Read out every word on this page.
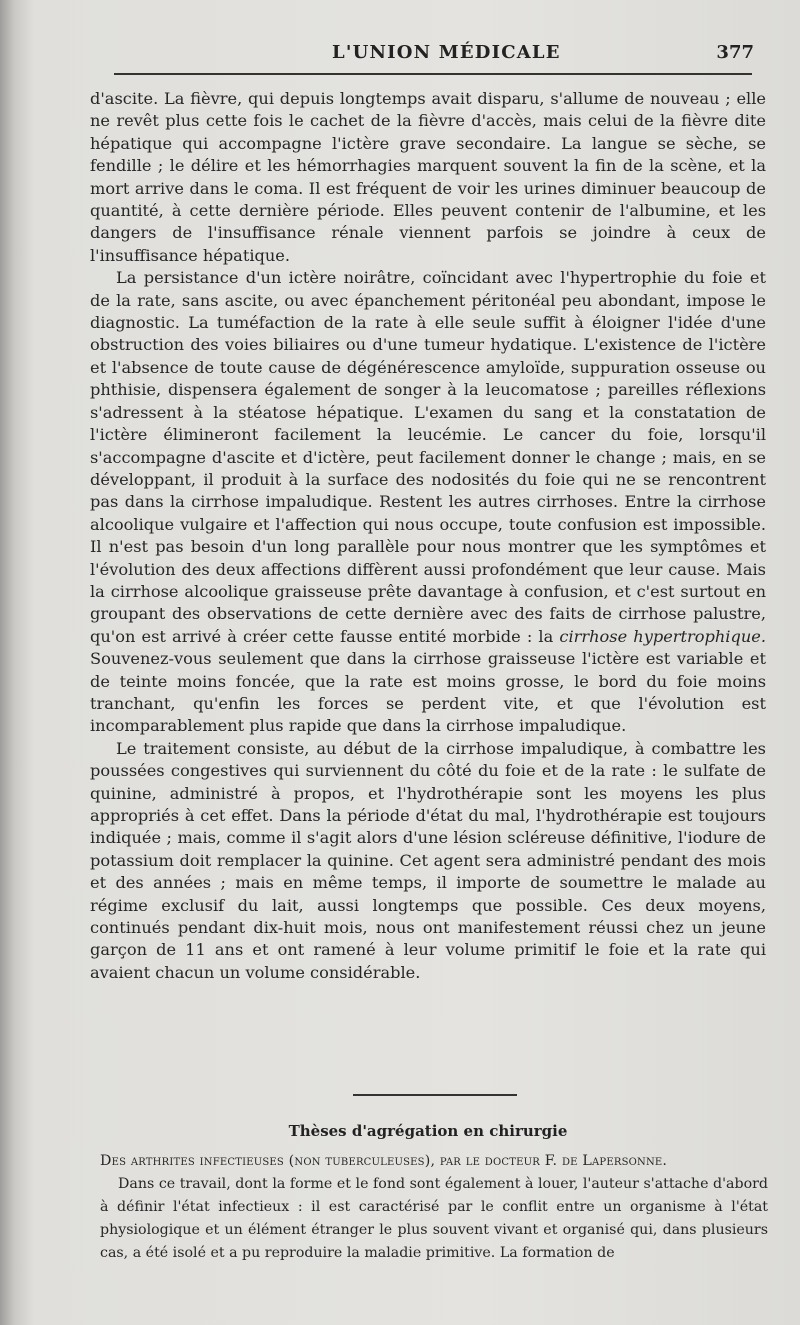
L'UNION MÉDICALE	377

d'ascite. La fièvre, qui depuis longtemps avait disparu, s'allume de nouveau ; elle ne revêt plus cette fois le cachet de la fièvre d'accès, mais celui de la fièvre dite hépatique qui accompagne l'ictère grave secondaire. La langue se sèche, se fendille ; le délire et les hémorrhagies marquent souvent la fin de la scène, et la mort arrive dans le coma. Il est fréquent de voir les urines diminuer beaucoup de quantité, à cette dernière période. Elles peuvent contenir de l'albumine, et les dangers de l'insuffisance rénale viennent parfois se joindre à ceux de l'insuffisance hépatique.

La persistance d'un ictère noirâtre, coïncidant avec l'hypertrophie du foie et de la rate, sans ascite, ou avec épanchement péritonéal peu abondant, impose le diagnostic. La tuméfaction de la rate à elle seule suffit à éloigner l'idée d'une obstruction des voies biliaires ou d'une tumeur hydatique. L'existence de l'ictère et l'absence de toute cause de dégénérescence amyloïde, suppuration osseuse ou phthisie, dispensera également de songer à la leucomatose ; pareilles réflexions s'adressent à la stéatose hépatique. L'examen du sang et la constatation de l'ictère élimineront facilement la leucémie. Le cancer du foie, lorsqu'il s'accompagne d'ascite et d'ictère, peut facilement donner le change ; mais, en se développant, il produit à la surface des nodosités du foie qui ne se rencontrent pas dans la cirrhose impaludique. Restent les autres cirrhoses. Entre la cirrhose alcoolique vulgaire et l'affection qui nous occupe, toute confusion est impossible. Il n'est pas besoin d'un long parallèle pour nous montrer que les symptômes et l'évolution des deux affections diffèrent aussi profondément que leur cause. Mais la cirrhose alcoolique graisseuse prête davantage à confusion, et c'est surtout en groupant des observations de cette dernière avec des faits de cirrhose palustre, qu'on est arrivé à créer cette fausse entité morbide : la cirrhose hypertrophique. Souvenez-vous seulement que dans la cirrhose graisseuse l'ictère est variable et de teinte moins foncée, que la rate est moins grosse, le bord du foie moins tranchant, qu'enfin les forces se perdent vite, et que l'évolution est incomparablement plus rapide que dans la cirrhose impaludique.

Le traitement consiste, au début de la cirrhose impaludique, à combattre les poussées congestives qui surviennent du côté du foie et de la rate : le sulfate de quinine, administré à propos, et l'hydrothérapie sont les moyens les plus appropriés à cet effet. Dans la période d'état du mal, l'hydrothérapie est toujours indiquée ; mais, comme il s'agit alors d'une lésion scléreuse définitive, l'iodure de potassium doit remplacer la quinine. Cet agent sera administré pendant des mois et des années ; mais en même temps, il importe de soumettre le malade au régime exclusif du lait, aussi longtemps que possible. Ces deux moyens, continués pendant dix-huit mois, nous ont manifestement réussi chez un jeune garçon de 11 ans et ont ramené à leur volume primitif le foie et la rate qui avaient chacun un volume considérable.

Thèses d'agrégation en chirurgie

Des arthrites infectieuses (non tuberculeuses), par le docteur F. de Lapersonne.

Dans ce travail, dont la forme et le fond sont également à louer, l'auteur s'attache d'abord à définir l'état infectieux : il est caractérisé par le conflit entre un organisme à l'état physiologique et un élément étranger le plus souvent vivant et organisé qui, dans plusieurs cas, a été isolé et a pu reproduire la maladie primitive. La formation de
